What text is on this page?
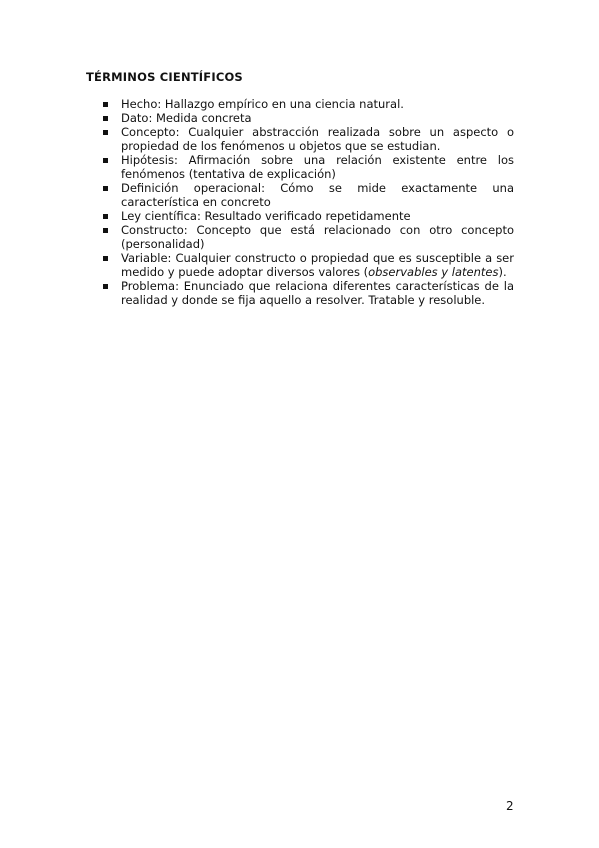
TÉRMINOS CIENTÍFICOS
Hecho: Hallazgo empírico en una ciencia natural.
Dato: Medida concreta
Concepto: Cualquier abstracción realizada sobre un aspecto o propiedad de los fenómenos u objetos que se estudian.
Hipótesis: Afirmación sobre una relación existente entre los fenómenos (tentativa de explicación)
Definición operacional: Cómo se mide exactamente una característica en concreto
Ley científica: Resultado verificado repetidamente
Constructo: Concepto que está relacionado con otro concepto (personalidad)
Variable: Cualquier constructo o propiedad que es susceptible a ser medido y puede adoptar diversos valores (observables y latentes).
Problema: Enunciado que relaciona diferentes características de la realidad y donde se fija aquello a resolver. Tratable y resoluble.
2
